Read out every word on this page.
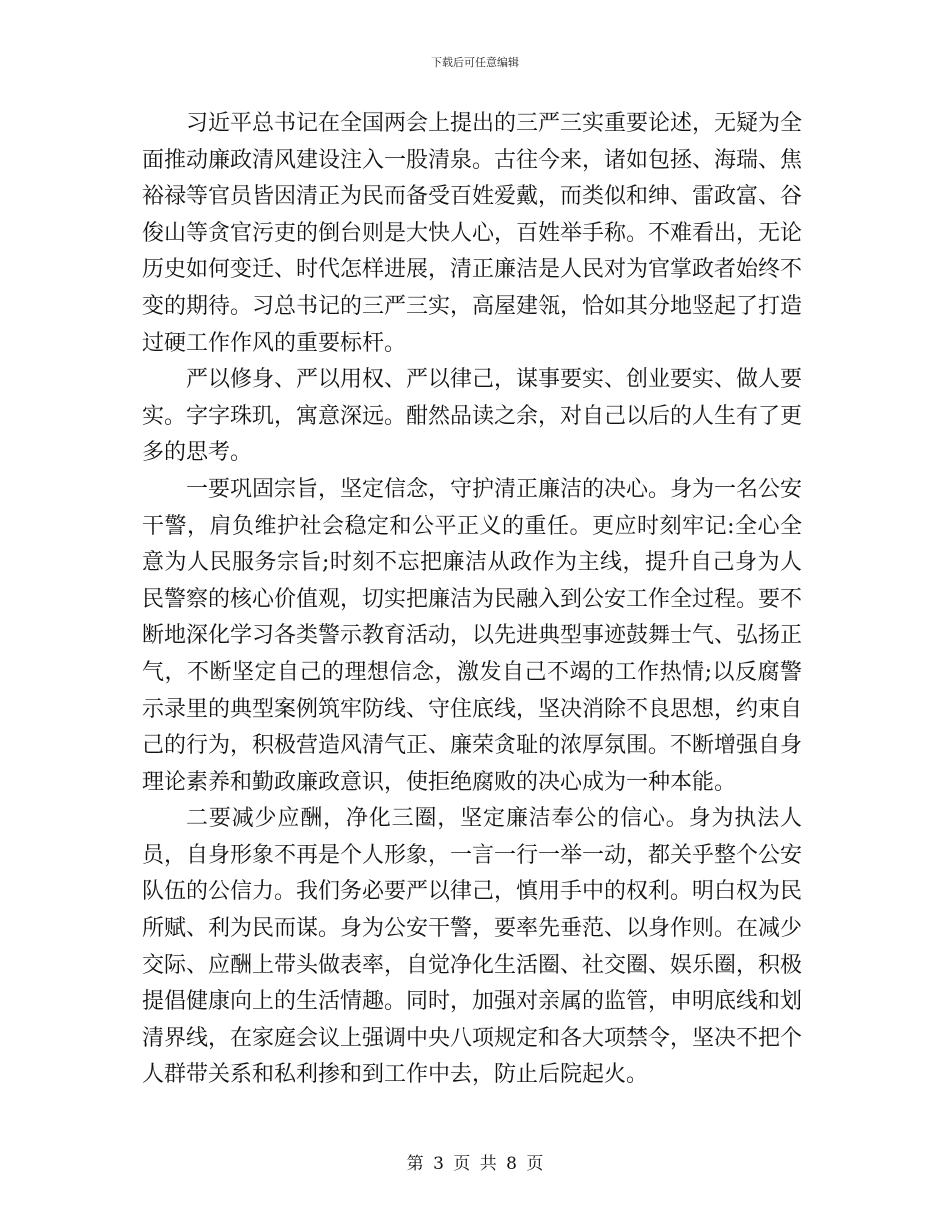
下载后可任意编辑

习近平总书记在全国两会上提出的三严三实重要论述，无疑为全面推动廉政清风建设注入一股清泉。古往今来，诸如包拯、海瑞、焦裕禄等官员皆因清正为民而备受百姓爱戴，而类似和绅、雷政富、谷俊山等贪官污吏的倒台则是大快人心，百姓举手称。不难看出，无论历史如何变迁、时代怎样进展，清正廉洁是人民对为官掌政者始终不变的期待。习总书记的三严三实，高屋建瓴，恰如其分地竖起了打造过硬工作作风的重要标杆。

严以修身、严以用权、严以律己，谋事要实、创业要实、做人要实。字字珠玑，寓意深远。酣然品读之余，对自己以后的人生有了更多的思考。

一要巩固宗旨，坚定信念，守护清正廉洁的决心。身为一名公安干警，肩负维护社会稳定和公平正义的重任。更应时刻牢记:全心全意为人民服务宗旨;时刻不忘把廉洁从政作为主线，提升自己身为人民警察的核心价值观，切实把廉洁为民融入到公安工作全过程。要不断地深化学习各类警示教育活动，以先进典型事迹鼓舞士气、弘扬正气，不断坚定自己的理想信念，激发自己不竭的工作热情;以反腐警示录里的典型案例筑牢防线、守住底线，坚决消除不良思想，约束自己的行为，积极营造风清气正、廉荣贪耻的浓厚氛围。不断增强自身理论素养和勤政廉政意识，使拒绝腐败的决心成为一种本能。

二要减少应酬，净化三圈，坚定廉洁奉公的信心。身为执法人员，自身形象不再是个人形象，一言一行一举一动，都关乎整个公安队伍的公信力。我们务必要严以律己，慎用手中的权利。明白权为民所赋、利为民而谋。身为公安干警，要率先垂范、以身作则。在减少交际、应酬上带头做表率，自觉净化生活圈、社交圈、娱乐圈，积极提倡健康向上的生活情趣。同时，加强对亲属的监管，申明底线和划清界线，在家庭会议上强调中央八项规定和各大项禁令，坚决不把个人群带关系和私利掺和到工作中去，防止后院起火。

第 3 页 共 8 页
